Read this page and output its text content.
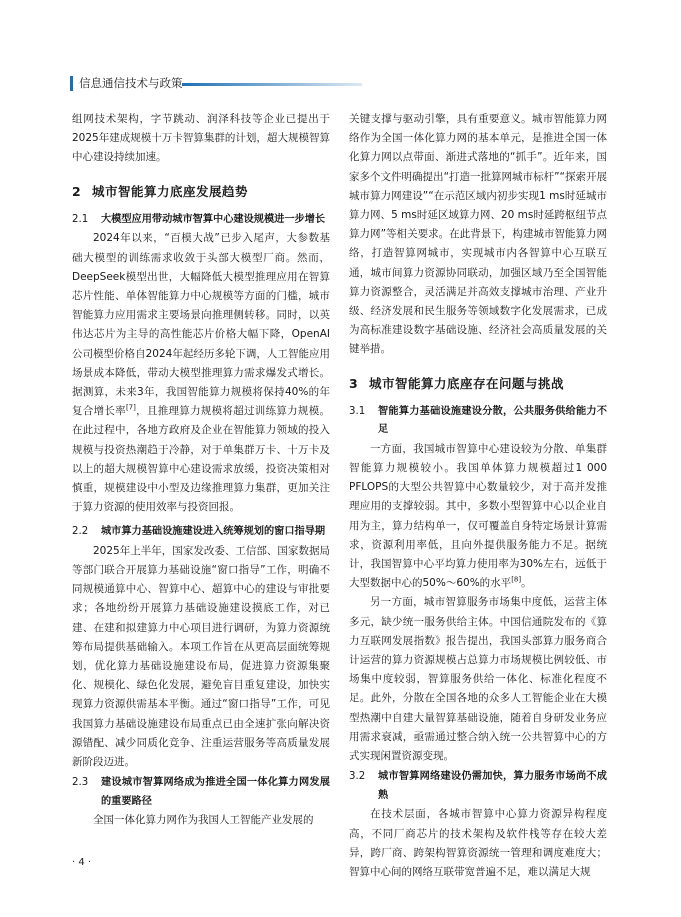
信息通信技术与政策

组网技术架构，字节跳动、润泽科技等企业已提出于2025年建成规模十万卡智算集群的计划，超大规模智算中心建设持续加速。

2 城市智能算力底座发展趋势
2.1 大模型应用带动城市智算中心建设规模进一步增长

2024年以来，“百模大战”已步入尾声，大参数基础大模型的训练需求收敛于头部大模型厂商。然而，DeepSeek模型出世，大幅降低大模型推理应用在智算芯片性能、单体智能算力中心规模等方面的门槛，城市智能算力应用需求主要场景向推理侧转移。同时，以英伟达芯片为主导的高性能芯片价格大幅下降，OpenAI公司模型价格自2024年起经历多轮下调，人工智能应用场景成本降低，带动大模型推理算力需求爆发式增长。据测算，未来3年，我国智能算力规模将保持40%的年复合增长率[7]，且推理算力规模将超过训练算力规模。在此过程中，各地方政府及企业在智能算力领域的投入规模与投资热潮趋于冷静，对于单集群万卡、十万卡及以上的超大规模智算中心建设需求放缓，投资决策相对慎重，规模建设中小型及边缘推理算力集群，更加关注于算力资源的使用效率与投资回报。

2.2 城市算力基础设施建设进入统筹规划的窗口指导期

2025年上半年，国家发改委、工信部、国家数据局等部门联合开展算力基础设施“窗口指导”工作，明确不同规模通算中心、智算中心、超算中心的建设与审批要求；各地纷纷开展算力基础设施建设摸底工作，对已建、在建和拟建算力中心项目进行调研，为算力资源统筹布局提供基础输入。本项工作旨在从更高层面统筹规划，优化算力基础设施建设布局，促进算力资源集聚化、规模化、绿色化发展，避免盲目重复建设，加快实现算力资源供需基本平衡。通过“窗口指导”工作，可见我国算力基础设施建设布局重点已由全速扩张向解决资源错配、减少同质化竞争、注重运营服务等高质量发展新阶段迈进。

2.3 建设城市智算网络成为推进全国一体化算力网发展的重要路径

全国一体化算力网作为我国人工智能产业发展的

关键支撑与驱动引擎，具有重要意义。城市智能算力网络作为全国一体化算力网的基本单元，是推进全国一体化算力网以点带面、渐进式落地的“抓手”。近年来，国家多个文件明确提出“打造一批算网城市标杆”“探索开展城市算力网建设”“在示范区域内初步实现1 ms时延城市算力网、5 ms时延区域算力网、20 ms时延跨枢纽节点算力网”等相关要求。在此背景下，构建城市智能算力网络，打造智算网城市，实现城市内各智算中心互联互通，城市间算力资源协同联动，加强区域乃至全国智能算力资源整合，灵活满足并高效支撑城市治理、产业升级、经济发展和民生服务等领域数字化发展需求，已成为高标准建设数字基础设施、经济社会高质量发展的关键举措。

3 城市智能算力底座存在问题与挑战
3.1 智能算力基础设施建设分散，公共服务供给能力不足

一方面，我国城市智算中心建设较为分散、单集群智能算力规模较小。我国单体算力规模超过1 000 PFLOPS的大型公共智算中心数量较少，对于高并发推理应用的支撑较弱。其中，多数小型智算中心以企业自用为主，算力结构单一，仅可覆盖自身特定场景计算需求，资源利用率低，且向外提供服务能力不足。据统计，我国智算中心平均算力使用率为30%左右，远低于大型数据中心的50%～60%的水平[8]。

另一方面，城市智算服务市场集中度低，运营主体多元，缺少统一服务供给主体。中国信通院发布的《算力互联网发展指数》报告提出，我国头部算力服务商合计运营的算力资源规模占总算力市场规模比例较低、市场集中度较弱，智算服务供给一体化、标准化程度不足。此外，分散在全国各地的众多人工智能企业在大模型热潮中自建大量智算基础设施，随着自身研发业务应用需求衰减，亟需通过整合纳入统一公共智算中心的方式实现闲置资源变现。

3.2 城市智算网络建设仍需加快，算力服务市场尚不成熟

在技术层面，各城市智算中心算力资源异构程度高，不同厂商芯片的技术架构及软件栈等存在较大差异，跨厂商、跨架构智算资源统一管理和调度难度大；智算中心间的网络互联带宽普遍不足，难以满足大规

· 4 ·
